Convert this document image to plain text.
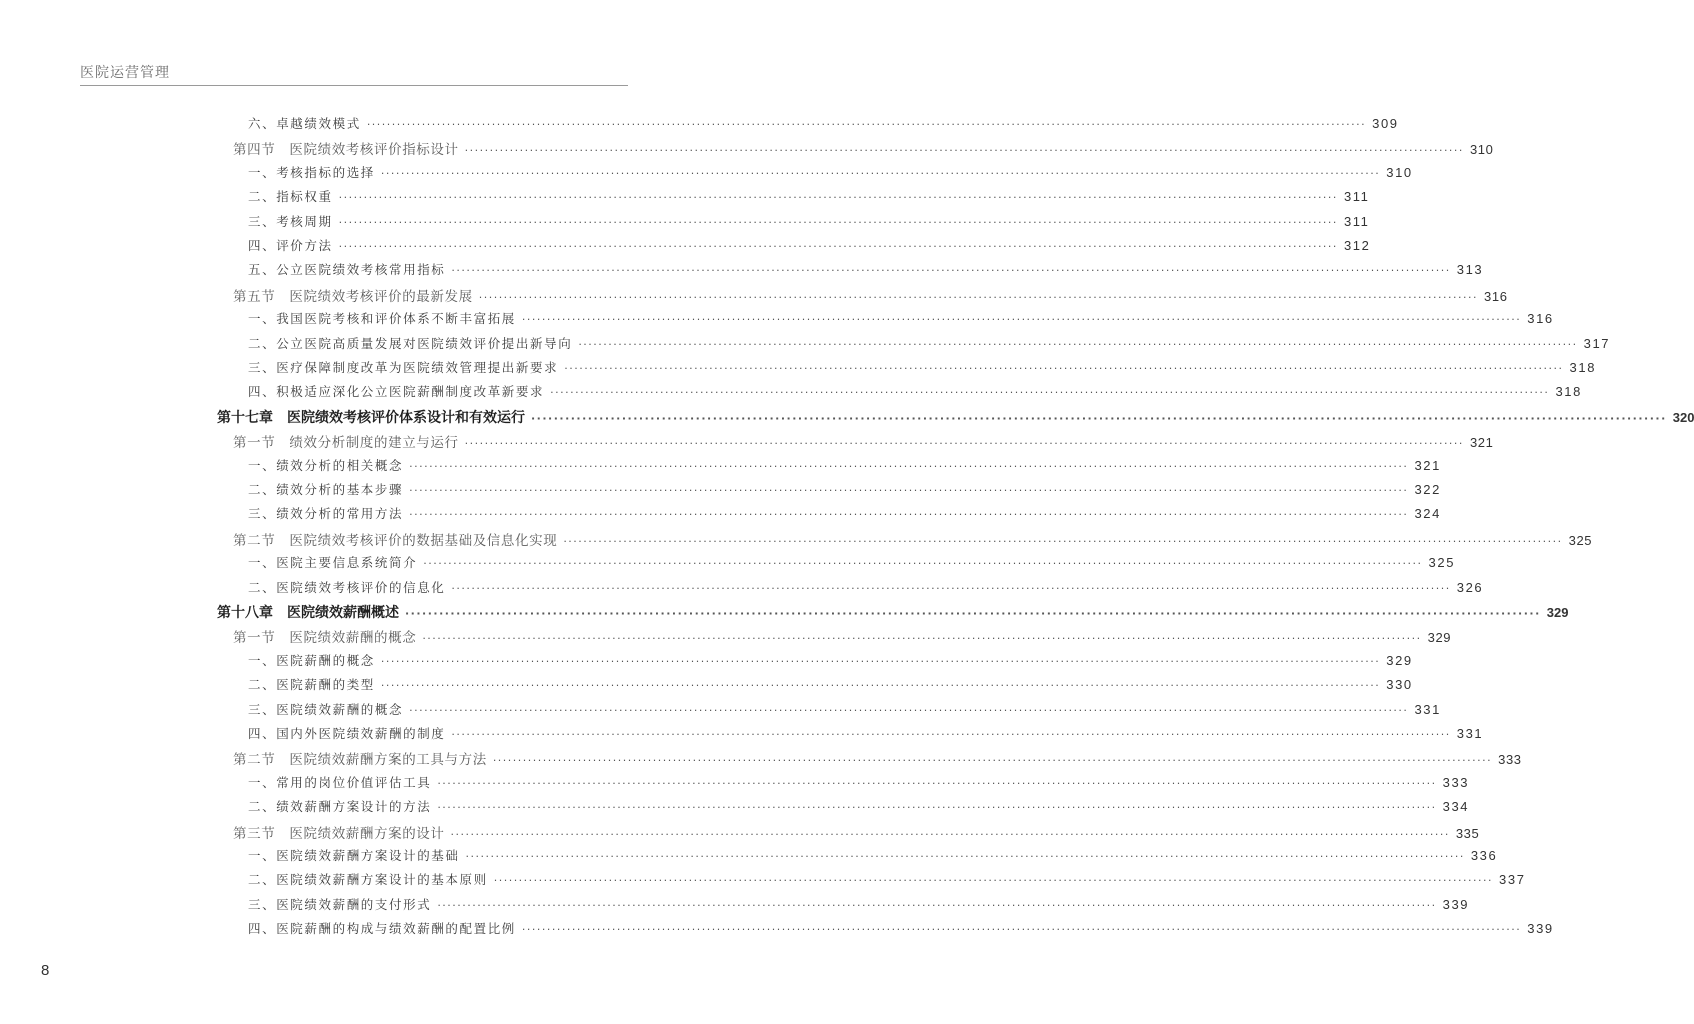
医院运营管理
六、卓越绩效模式 ········································································································································································································ 309
第四节　医院绩效考核评价指标设计 ········································································································································································································ 310
一、考核指标的选择 ········································································································································································································ 310
二、指标权重 ········································································································································································································ 311
三、考核周期 ········································································································································································································ 311
四、评价方法 ········································································································································································································ 312
五、公立医院绩效考核常用指标 ········································································································································································································ 313
第五节　医院绩效考核评价的最新发展 ········································································································································································································ 316
一、我国医院考核和评价体系不断丰富拓展 ········································································································································································································ 316
二、公立医院高质量发展对医院绩效评价提出新导向 ········································································································································································································ 317
三、医疗保障制度改革为医院绩效管理提出新要求 ········································································································································································································ 318
四、积极适应深化公立医院薪酬制度改革新要求 ········································································································································································································ 318
第十七章　医院绩效考核评价体系设计和有效运行 ········································································································································································································ 320
第一节　绩效分析制度的建立与运行 ········································································································································································································ 321
一、绩效分析的相关概念 ········································································································································································································ 321
二、绩效分析的基本步骤 ········································································································································································································ 322
三、绩效分析的常用方法 ········································································································································································································ 324
第二节　医院绩效考核评价的数据基础及信息化实现 ········································································································································································································ 325
一、医院主要信息系统简介 ········································································································································································································ 325
二、医院绩效考核评价的信息化 ········································································································································································································ 326
第十八章　医院绩效薪酬概述 ········································································································································································································ 329
第一节　医院绩效薪酬的概念 ········································································································································································································ 329
一、医院薪酬的概念 ········································································································································································································ 329
二、医院薪酬的类型 ········································································································································································································ 330
三、医院绩效薪酬的概念 ········································································································································································································ 331
四、国内外医院绩效薪酬的制度 ········································································································································································································ 331
第二节　医院绩效薪酬方案的工具与方法 ········································································································································································································ 333
一、常用的岗位价值评估工具 ········································································································································································································ 333
二、绩效薪酬方案设计的方法 ········································································································································································································ 334
第三节　医院绩效薪酬方案的设计 ········································································································································································································ 335
一、医院绩效薪酬方案设计的基础 ········································································································································································································ 336
二、医院绩效薪酬方案设计的基本原则 ········································································································································································································ 337
三、医院绩效薪酬的支付形式 ········································································································································································································ 339
四、医院薪酬的构成与绩效薪酬的配置比例 ········································································································································································································ 339
8
